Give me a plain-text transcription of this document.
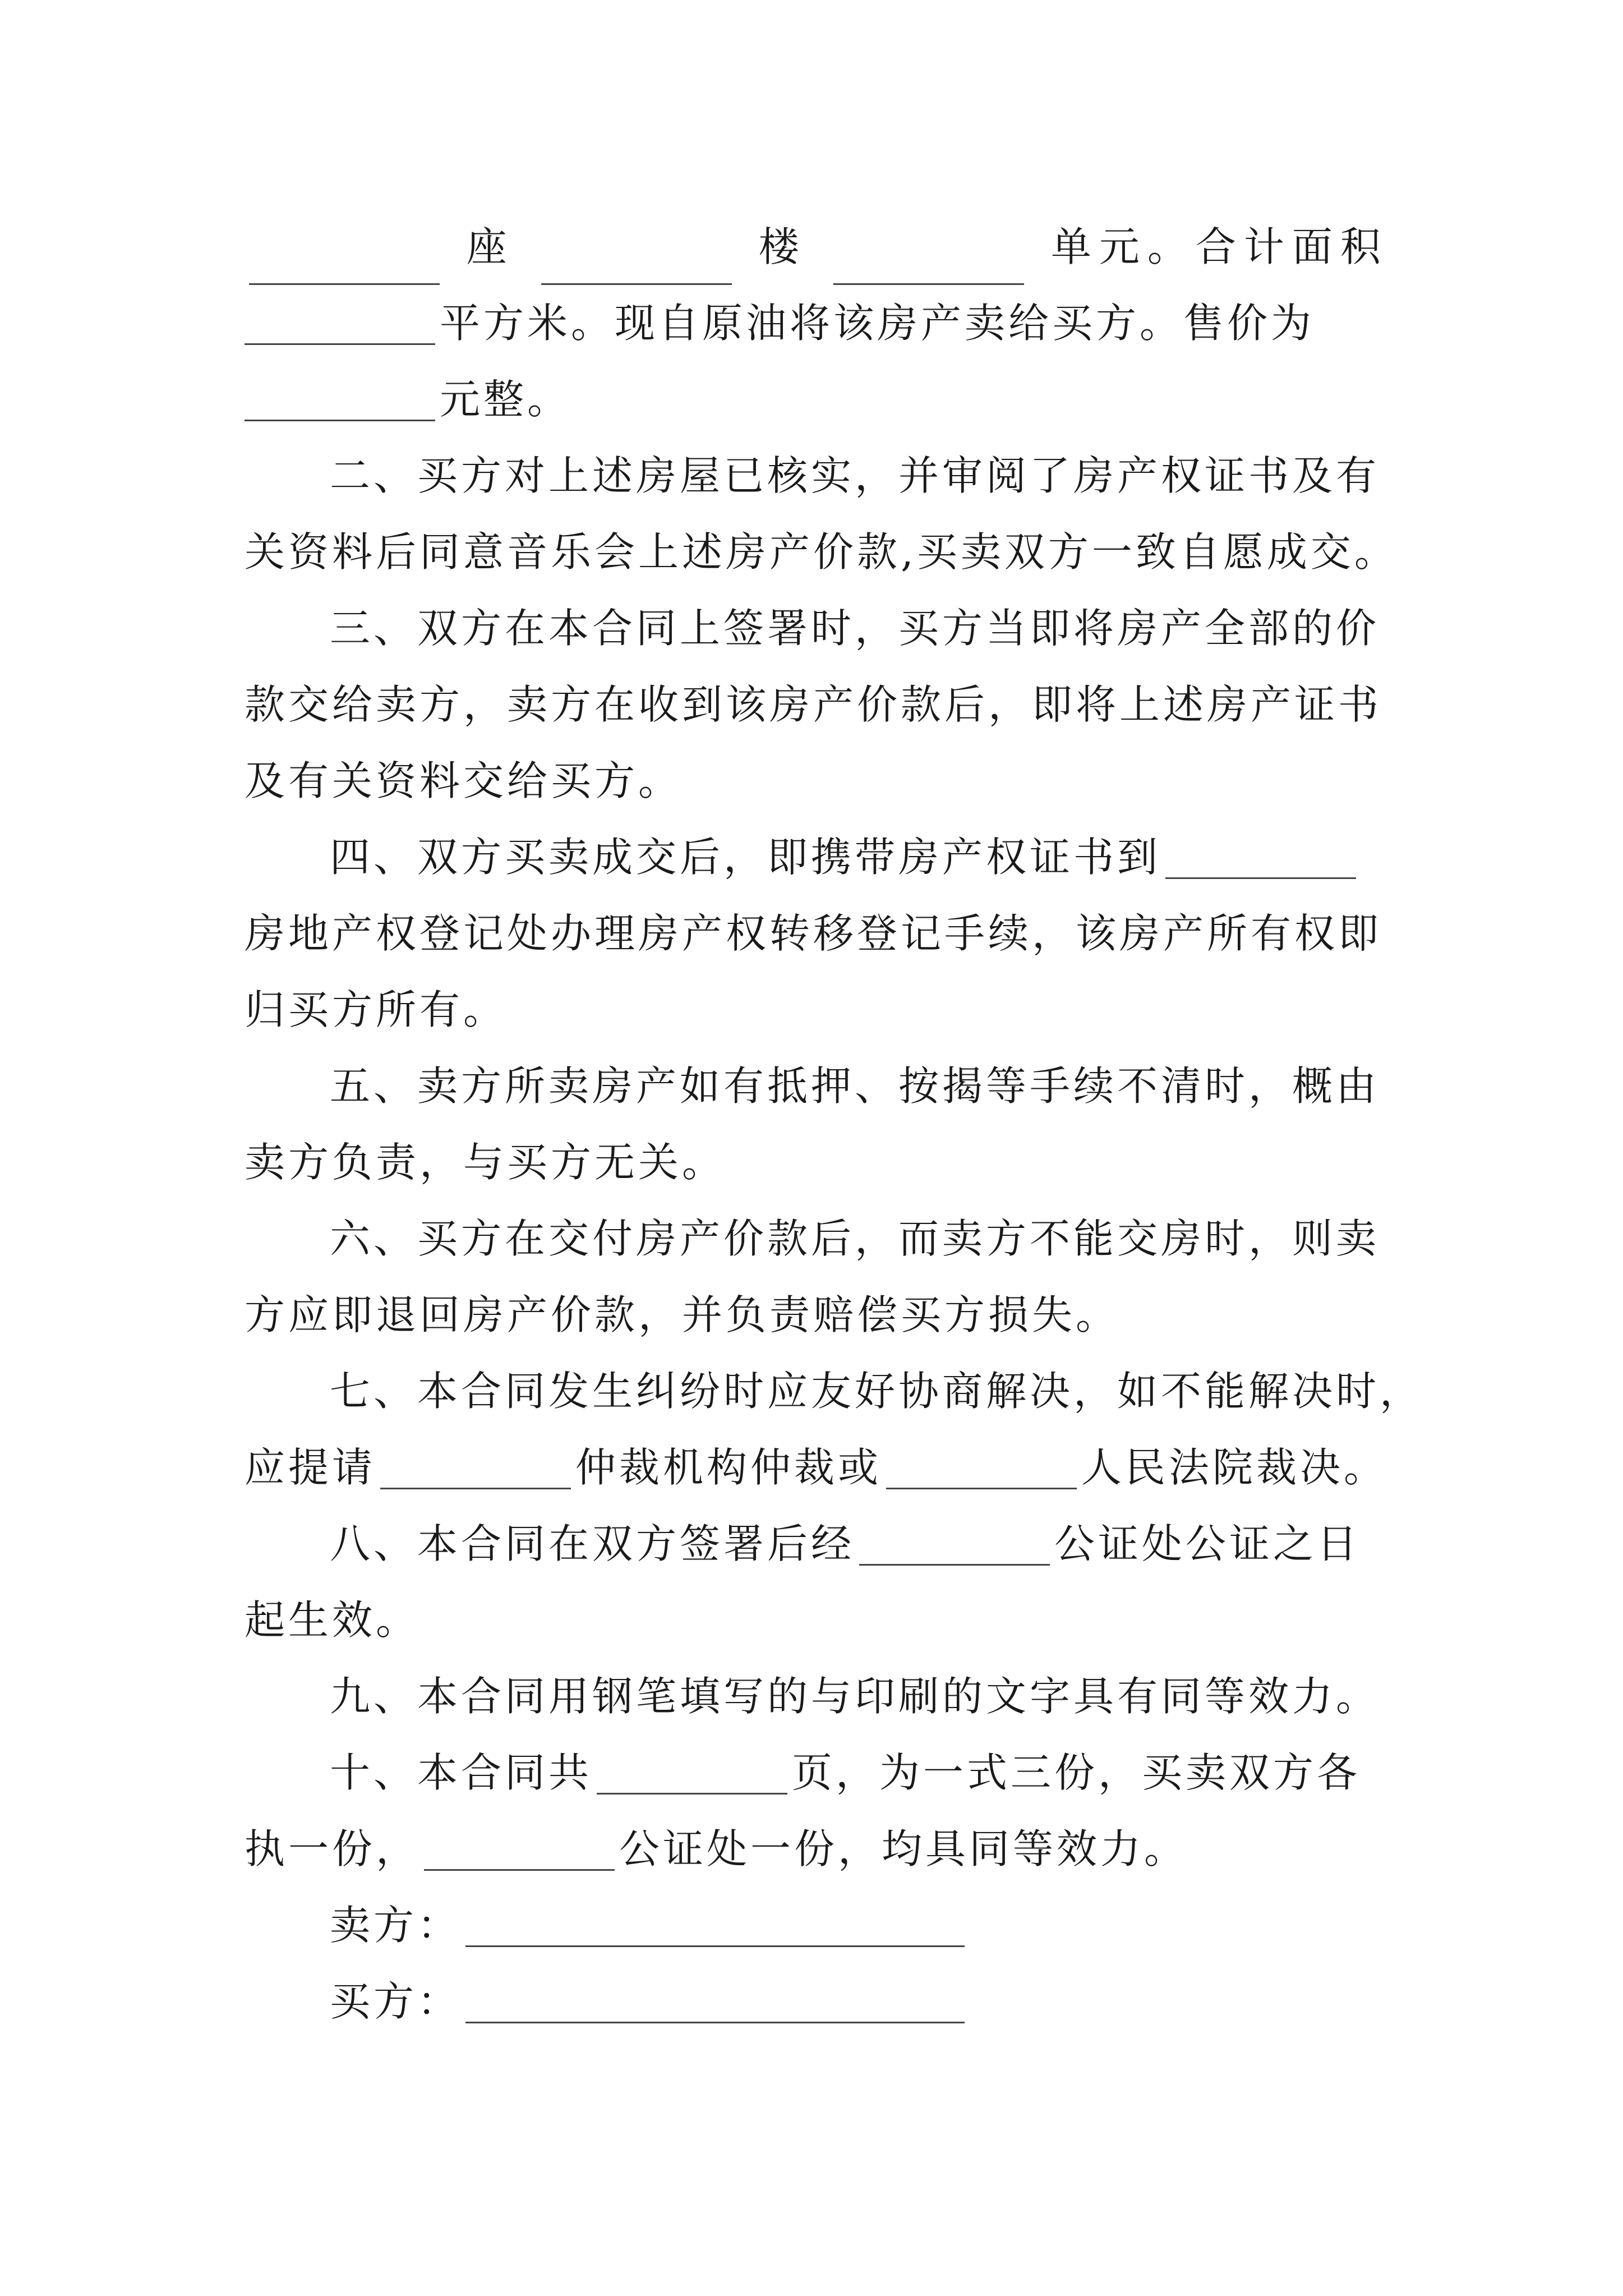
座	楼	单元。合计面积
平方米。现自原油将该房产卖给买方。售价为
元整。
二、买方对上述房屋已核实，并审阅了房产权证书及有
关资料后同意音乐会上述房产价款,买卖双方一致自愿成交。
三、双方在本合同上签署时，买方当即将房产全部的价
款交给卖方，卖方在收到该房产价款后，即将上述房产证书
及有关资料交给买方。
四、双方买卖成交后，即携带房产权证书到
房地产权登记处办理房产权转移登记手续，该房产所有权即
归买方所有。
五、卖方所卖房产如有抵押、按揭等手续不清时，概由
卖方负责，与买方无关。
六、买方在交付房产价款后，而卖方不能交房时，则卖
方应即退回房产价款，并负责赔偿买方损失。
七、本合同发生纠纷时应友好协商解决，如不能解决时，
应提请	仲裁机构仲裁或	人民法院裁决。
八、本合同在双方签署后经	公证处公证之日
起生效。
九、本合同用钢笔填写的与印刷的文字具有同等效力。
十、本合同共	页，为一式三份，买卖双方各
执一份，	公证处一份，均具同等效力。
卖方：
买方：
